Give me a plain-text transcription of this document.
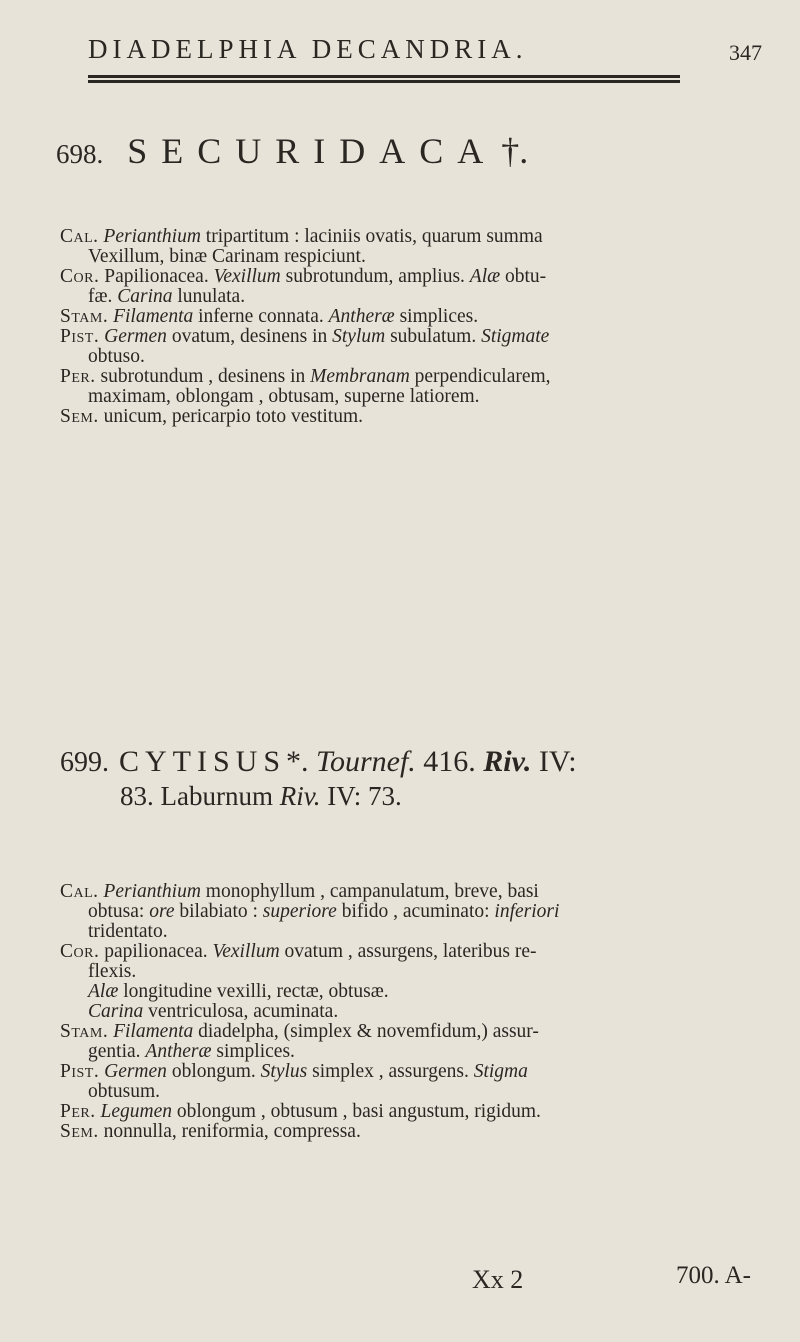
DIADELPHIA DECANDRIA.	347
698. SECURIDACA †.
Cal. Perianthium tripartitum : laciniis ovatis, quarum summa
Vexillum, binæ Carinam respiciunt.
Cor. Papilionacea. Vexillum subrotundum, amplius. Alæ obtu-
fæ. Carina lunulata.
Stam. Filamenta inferne connata. Antheræ simplices.
Pist. Germen ovatum, desinens in Stylum subulatum. Stigmate
obtuso.
Per. subrotundum , desinens in Membranam perpendicularem,
maximam, oblongam , obtusam, superne latiorem.
Sem. unicum, pericarpio toto vestitum.
699. CYTISUS*. Tournef. 416. Riv. IV:
83. Laburnum Riv. IV: 73.
Cal. Perianthium monophyllum , campanulatum, breve, basi
obtusa: ore bilabiato : superiore bifido , acuminato: inferiori
tridentato.
Cor. papilionacea. Vexillum ovatum , assurgens, lateribus re-
flexis.
Alæ longitudine vexilli, rectæ, obtusæ.
Carina ventriculosa, acuminata.
Stam. Filamenta diadelpha, (simplex & novemfidum,) assur-
gentia. Antheræ simplices.
Pist. Germen oblongum. Stylus simplex , assurgens. Stigma
obtusum.
Per. Legumen oblongum , obtusum , basi angustum, rigidum.
Sem. nonnulla, reniformia, compressa.
Xx 2	700. A-
